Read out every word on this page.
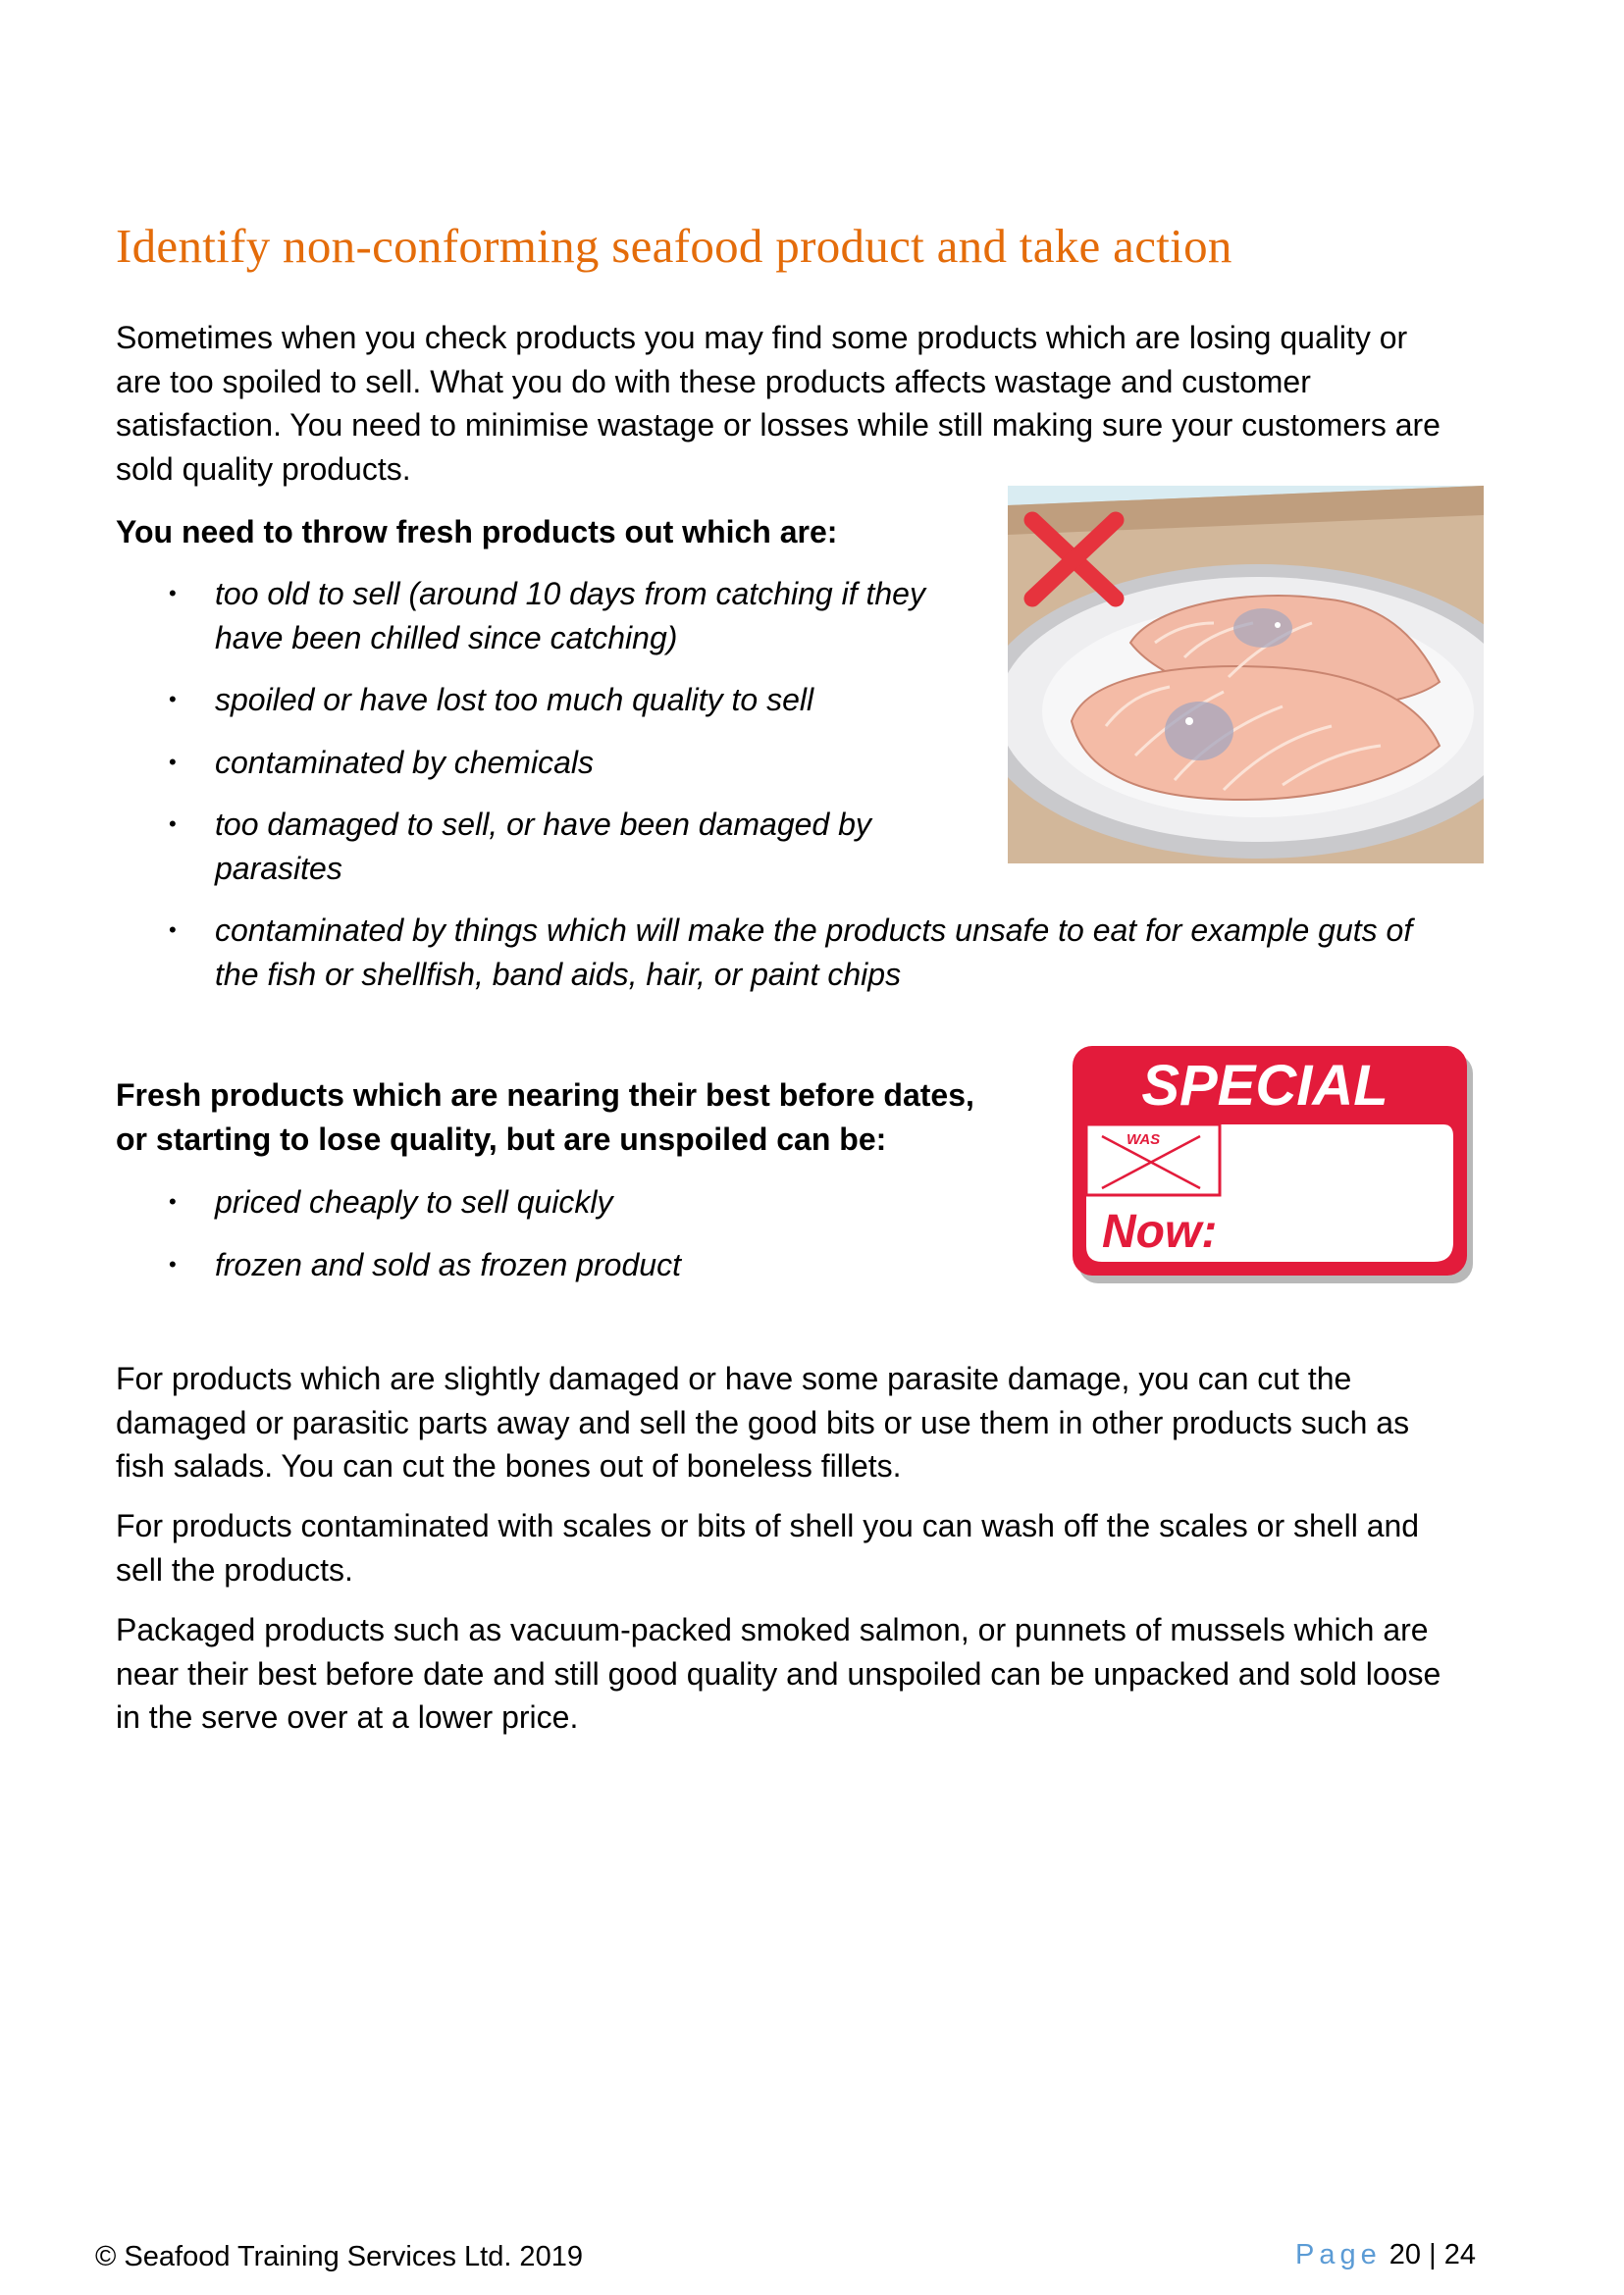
Identify non-conforming seafood product and take action

Sometimes when you check products you may find some products which are losing quality or
are too spoiled to sell. What you do with these products affects wastage and customer
satisfaction. You need to minimise wastage or losses while still making sure your customers are
sold quality products.

You need to throw fresh products out which are:

• too old to sell (around 10 days from catching if they
have been chilled since catching)
• spoiled or have lost too much quality to sell
• contaminated by chemicals
• too damaged to sell, or have been damaged by
parasites
• contaminated by things which will make the products unsafe to eat for example guts of
the fish or shellfish, band aids, hair, or paint chips

Fresh products which are nearing their best before dates,
or starting to lose quality, but are unspoiled can be:

• priced cheaply to sell quickly
• frozen and sold as frozen product
SPECIAL
WAS
Now:

For products which are slightly damaged or have some parasite damage, you can cut the
damaged or parasitic parts away and sell the good bits or use them in other products such as
fish salads. You can cut the bones out of boneless fillets.

For products contaminated with scales or bits of shell you can wash off the scales or shell and
sell the products.

Packaged products such as vacuum-packed smoked salmon, or punnets of mussels which are
near their best before date and still good quality and unspoiled can be unpacked and sold loose
in the serve over at a lower price.

© Seafood Training Services Ltd. 2019	Page 20 | 24
